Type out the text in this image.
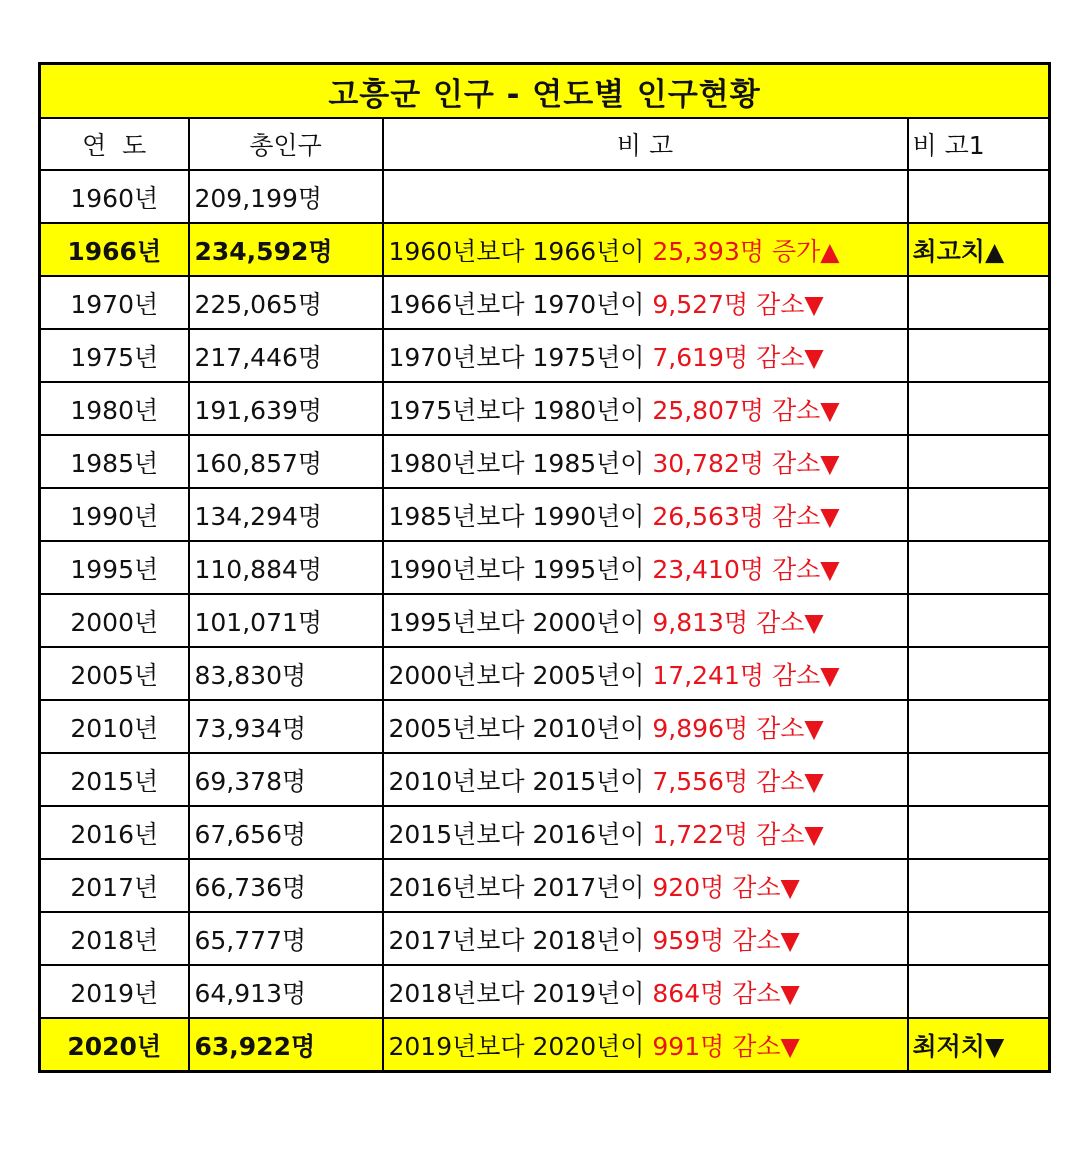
고흥군 인구 - 연도별 인구현황			
연  도	총인구	비 고	비 고1
1960년	209,199명		
1966년	234,592명	1960년보다 1966년이 25,393명 증가▲	최고치▲
1970년	225,065명	1966년보다 1970년이 9,527명 감소▼	
1975년	217,446명	1970년보다 1975년이 7,619명 감소▼	
1980년	191,639명	1975년보다 1980년이 25,807명 감소▼	
1985년	160,857명	1980년보다 1985년이 30,782명 감소▼	
1990년	134,294명	1985년보다 1990년이 26,563명 감소▼	
1995년	110,884명	1990년보다 1995년이 23,410명 감소▼	
2000년	101,071명	1995년보다 2000년이 9,813명 감소▼	
2005년	83,830명	2000년보다 2005년이 17,241명 감소▼	
2010년	73,934명	2005년보다 2010년이 9,896명 감소▼	
2015년	69,378명	2010년보다 2015년이 7,556명 감소▼	
2016년	67,656명	2015년보다 2016년이 1,722명 감소▼	
2017년	66,736명	2016년보다 2017년이 920명 감소▼	
2018년	65,777명	2017년보다 2018년이 959명 감소▼	
2019년	64,913명	2018년보다 2019년이 864명 감소▼	
2020년	63,922명	2019년보다 2020년이 991명 감소▼	최저치▼
